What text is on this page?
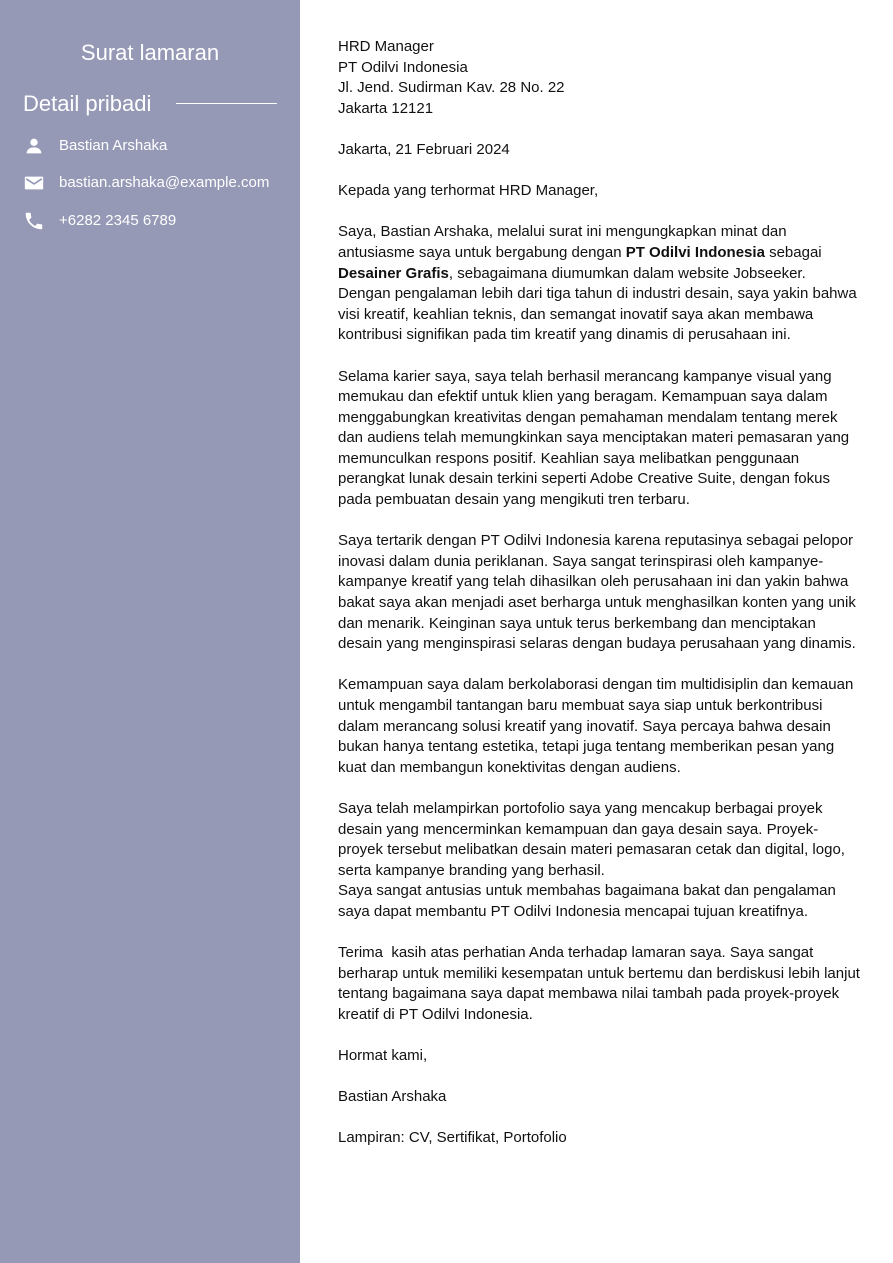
Surat lamaran
Detail pribadi
Bastian Arshaka
bastian.arshaka@example.com
+6282 2345 6789

HRD Manager

PT Odilvi Indonesia

Jl. Jend. Sudirman Kav. 28 No. 22

Jakarta 12121

Jakarta, 21 Februari 2024

Kepada yang terhormat HRD Manager,

Saya, Bastian Arshaka, melalui surat ini mengungkapkan minat dan antusiasme saya untuk bergabung dengan PT Odilvi Indonesia sebagai Desainer Grafis, sebagaimana diumumkan dalam website Jobseeker. Dengan pengalaman lebih dari tiga tahun di industri desain, saya yakin bahwa visi kreatif, keahlian teknis, dan semangat inovatif saya akan membawa kontribusi signifikan pada tim kreatif yang dinamis di perusahaan ini.

Selama karier saya, saya telah berhasil merancang kampanye visual yang memukau dan efektif untuk klien yang beragam. Kemampuan saya dalam menggabungkan kreativitas dengan pemahaman mendalam tentang merek dan audiens telah memungkinkan saya menciptakan materi pemasaran yang memunculkan respons positif. Keahlian saya melibatkan penggunaan perangkat lunak desain terkini seperti Adobe Creative Suite, dengan fokus pada pembuatan desain yang mengikuti tren terbaru.

Saya tertarik dengan PT Odilvi Indonesia karena reputasinya sebagai pelopor inovasi dalam dunia periklanan. Saya sangat terinspirasi oleh kampanye-kampanye kreatif yang telah dihasilkan oleh perusahaan ini dan yakin bahwa bakat saya akan menjadi aset berharga untuk menghasilkan konten yang unik dan menarik. Keinginan saya untuk terus berkembang dan menciptakan desain yang menginspirasi selaras dengan budaya perusahaan yang dinamis.

Kemampuan saya dalam berkolaborasi dengan tim multidisiplin dan kemauan untuk mengambil tantangan baru membuat saya siap untuk berkontribusi dalam merancang solusi kreatif yang inovatif. Saya percaya bahwa desain bukan hanya tentang estetika, tetapi juga tentang memberikan pesan yang kuat dan membangun konektivitas dengan audiens.

Saya telah melampirkan portofolio saya yang mencakup berbagai proyek desain yang mencerminkan kemampuan dan gaya desain saya. Proyek-proyek tersebut melibatkan desain materi pemasaran cetak dan digital, logo, serta kampanye branding yang berhasil.

Saya sangat antusias untuk membahas bagaimana bakat dan pengalaman saya dapat membantu PT Odilvi Indonesia mencapai tujuan kreatifnya.

Terima  kasih atas perhatian Anda terhadap lamaran saya. Saya sangat berharap untuk memiliki kesempatan untuk bertemu dan berdiskusi lebih lanjut tentang bagaimana saya dapat membawa nilai tambah pada proyek-proyek kreatif di PT Odilvi Indonesia.

Hormat kami,

Bastian Arshaka

Lampiran: CV, Sertifikat, Portofolio
